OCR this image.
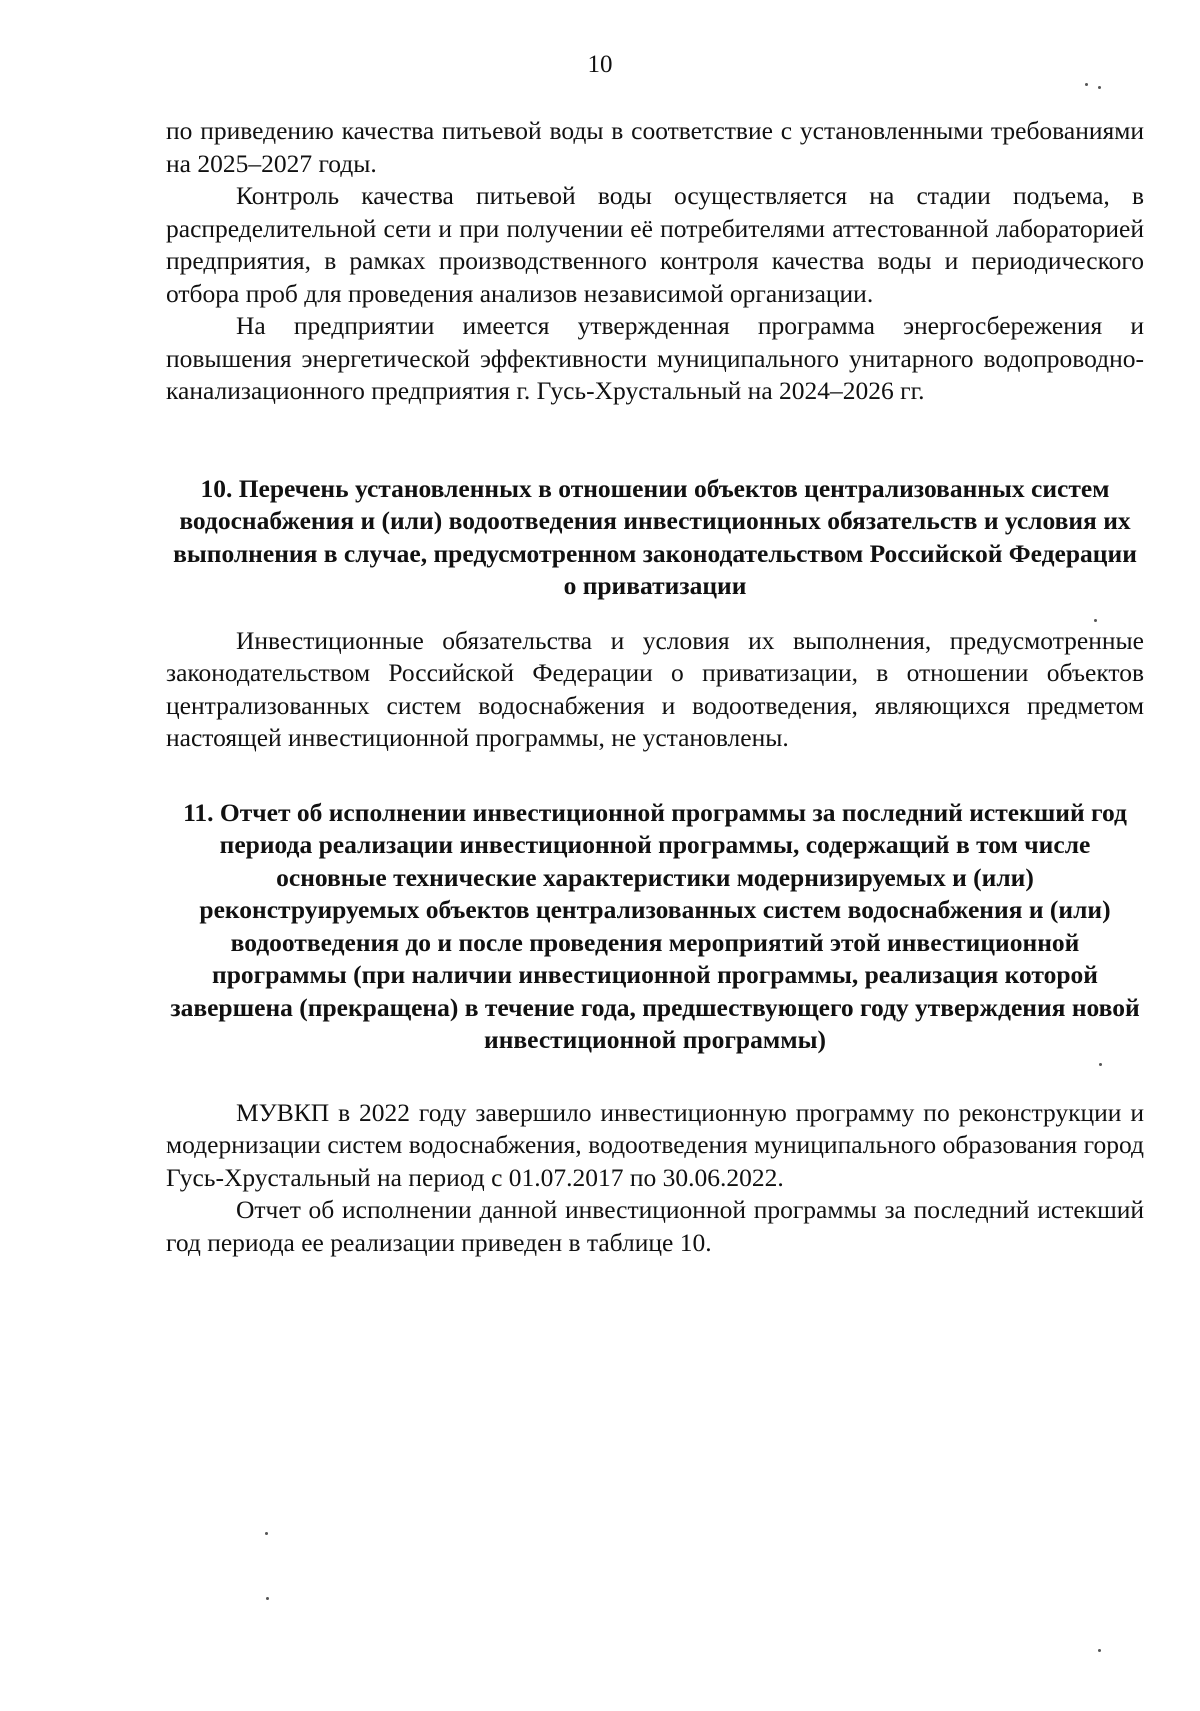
10

по приведению качества питьевой воды в соответствие с установленными требованиями на 2025–2027 годы.

Контроль качества питьевой воды осуществляется на стадии подъема, в распределительной сети и при получении её потребителями аттестованной лабораторией предприятия, в рамках производственного контроля качества воды и периодического отбора проб для проведения анализов независимой организации.

На предприятии имеется утвержденная программа энергосбережения и повышения энергетической эффективности муниципального унитарного водопроводно-канализационного предприятия г. Гусь-Хрустальный на 2024–2026 гг.

10. Перечень установленных в отношении объектов централизованных систем водоснабжения и (или) водоотведения инвестиционных обязательств и условия их выполнения в случае, предусмотренном законодательством Российской Федерации о приватизации

Инвестиционные обязательства и условия их выполнения, предусмотренные законодательством Российской Федерации о приватизации, в отношении объектов централизованных систем водоснабжения и водоотведения, являющихся предметом настоящей инвестиционной программы, не установлены.

11. Отчет об исполнении инвестиционной программы за последний истекший год периода реализации инвестиционной программы, содержащий в том числе основные технические характеристики модернизируемых и (или) реконструируемых объектов централизованных систем водоснабжения и (или) водоотведения до и после проведения мероприятий этой инвестиционной программы (при наличии инвестиционной программы, реализация которой завершена (прекращена) в течение года, предшествующего году утверждения новой инвестиционной программы)

МУВКП в 2022 году завершило инвестиционную программу по реконструкции и модернизации систем водоснабжения, водоотведения муниципального образования город Гусь-Хрустальный на период с 01.07.2017 по 30.06.2022.

Отчет об исполнении данной инвестиционной программы за последний истекший год периода ее реализации приведен в таблице 10.
